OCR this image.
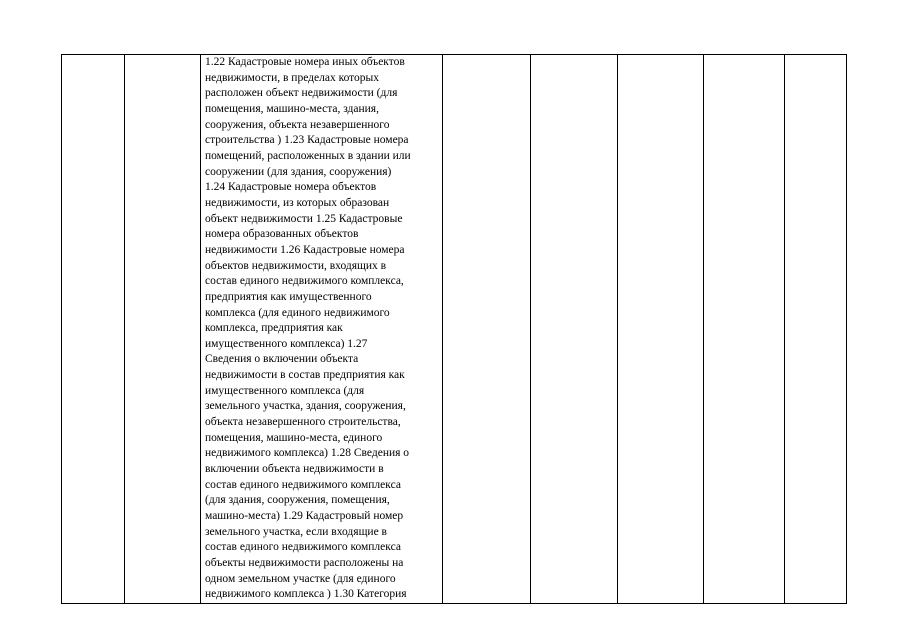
1.22 Кадастровые номера иных объектов
недвижимости, в пределах которых
расположен объект недвижимости (для
помещения, машино-места, здания,
сооружения, объекта незавершенного
строительства ) 1.23 Кадастровые номера
помещений, расположенных в здании или
сооружении (для здания, сооружения)
1.24 Кадастровые номера объектов
недвижимости, из которых образован
объект недвижимости 1.25 Кадастровые
номера образованных объектов
недвижимости 1.26 Кадастровые номера
объектов недвижимости, входящих в
состав единого недвижимого комплекса,
предприятия как имущественного
комплекса (для единого недвижимого
комплекса, предприятия как
имущественного комплекса) 1.27
Сведения о включении объекта
недвижимости в состав предприятия как
имущественного комплекса (для
земельного участка, здания, сооружения,
объекта незавершенного строительства,
помещения, машино-места, единого
недвижимого комплекса) 1.28 Сведения о
включении объекта недвижимости в
состав единого недвижимого комплекса
(для здания, сооружения, помещения,
машино-места) 1.29 Кадастровый номер
земельного участка, если входящие в
состав единого недвижимого комплекса
объекты недвижимости расположены на
одном земельном участке (для единого
недвижимого комплекса ) 1.30 Категория
